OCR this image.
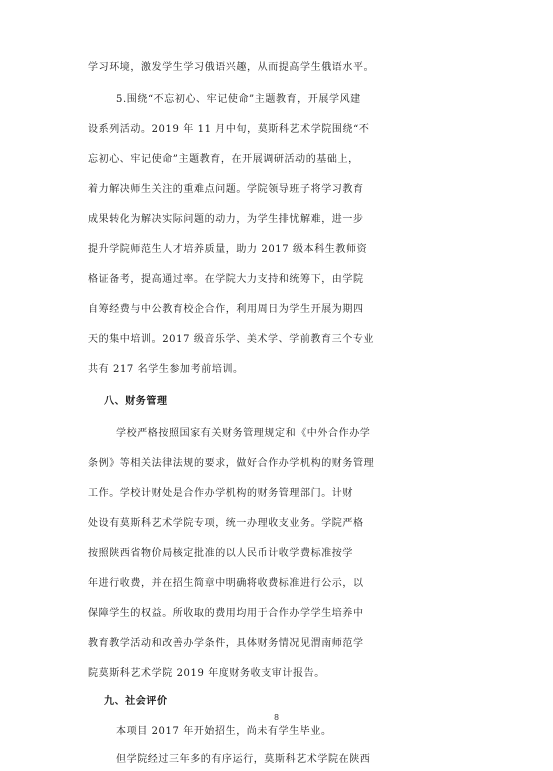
学习环境，激发学生学习俄语兴趣，从而提高学生俄语水平。
5.围绕“不忘初心、牢记使命”主题教育，开展学风建
设系列活动。2019 年 11 月中旬，莫斯科艺术学院围绕“不
忘初心、牢记使命”主题教育，在开展调研活动的基础上，
着力解决师生关注的重难点问题。学院领导班子将学习教育
成果转化为解决实际问题的动力，为学生排忧解难，进一步
提升学院师范生人才培养质量，助力 2017 级本科生教师资
格证备考，提高通过率。在学院大力支持和统筹下，由学院
自筹经费与中公教育校企合作，利用周日为学生开展为期四
天的集中培训。2017 级音乐学、美术学、学前教育三个专业
共有 217 名学生参加考前培训。
八、财务管理
学校严格按照国家有关财务管理规定和《中外合作办学
条例》等相关法律法规的要求，做好合作办学机构的财务管理
工作。学校计财处是合作办学机构的财务管理部门。计财
处设有莫斯科艺术学院专项，统一办理收支业务。学院严格
按照陕西省物价局核定批准的以人民币计收学费标准按学
年进行收费，并在招生简章中明确将收费标准进行公示，以
保障学生的权益。所收取的费用均用于合作办学学生培养中
教育教学活动和改善办学条件，具体财务情况见渭南师范学
院莫斯科艺术学院 2019 年度财务收支审计报告。
九、社会评价
本项目 2017 年开始招生，尚未有学生毕业。
但学院经过三年多的有序运行，莫斯科艺术学院在陕西
8
